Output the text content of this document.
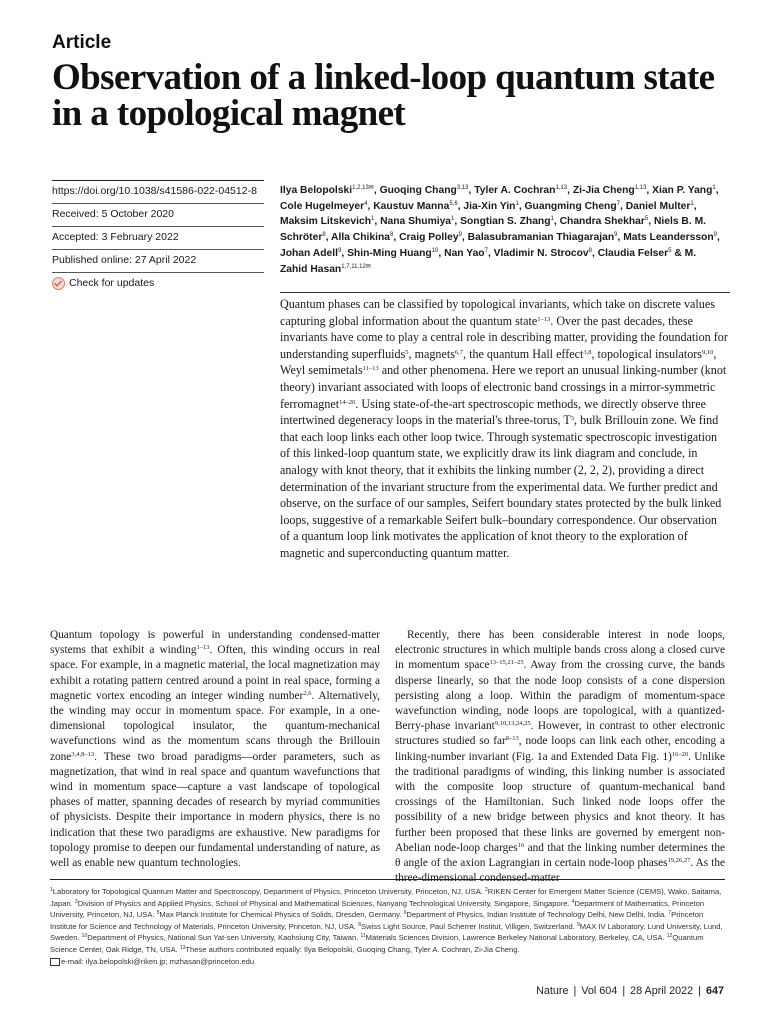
Article
Observation of a linked-loop quantum state in a topological magnet
https://doi.org/10.1038/s41586-022-04512-8
Received: 5 October 2020
Accepted: 3 February 2022
Published online: 27 April 2022
Check for updates
Ilya Belopolski$^{1,2,13✉}$, Guoqing Chang$^{3,13}$, Tyler A. Cochran$^{1,13}$, Zi-Jia Cheng$^{1,13}$, Xian P. Yang$^1$, Cole Hugelmeyer$^4$, Kaustuv Manna$^{5,6}$, Jia-Xin Yin$^1$, Guangming Cheng$^7$, Daniel Multer$^1$, Maksim Litskevich$^1$, Nana Shumiya$^1$, Songtian S. Zhang$^1$, Chandra Shekhar$^5$, Niels B. M. Schröter$^8$, Alla Chikina$^8$, Craig Polley$^9$, Balasubramanian Thiagarajan$^9$, Mats Leandersson$^9$, Johan Adell$^9$, Shin-Ming Huang$^{10}$, Nan Yao$^7$, Vladimir N. Strocov$^8$, Claudia Felser$^5$ & M. Zahid Hasan$^{1,7,11,12✉}$
Quantum phases can be classified by topological invariants, which take on discrete values capturing global information about the quantum state$^{1-13}$. Over the past decades, these invariants have come to play a central role in describing matter, providing the foundation for understanding superfluids$^5$, magnets$^{6,7}$, the quantum Hall effect$^{3,8}$, topological insulators$^{9,10}$, Weyl semimetals$^{11-13}$ and other phenomena. Here we report an unusual linking-number (knot theory) invariant associated with loops of electronic band crossings in a mirror-symmetric ferromagnet$^{14-20}$. Using state-of-the-art spectroscopic methods, we directly observe three intertwined degeneracy loops in the material's three-torus, $T^3$, bulk Brillouin zone. We find that each loop links each other loop twice. Through systematic spectroscopic investigation of this linked-loop quantum state, we explicitly draw its link diagram and conclude, in analogy with knot theory, that it exhibits the linking number (2, 2, 2), providing a direct determination of the invariant structure from the experimental data. We further predict and observe, on the surface of our samples, Seifert boundary states protected by the bulk linked loops, suggestive of a remarkable Seifert bulk–boundary correspondence. Our observation of a quantum loop link motivates the application of knot theory to the exploration of magnetic and superconducting quantum matter.
Quantum topology is powerful in understanding condensed-matter systems that exhibit a winding$^{1-13}$. Often, this winding occurs in real space. For example, in a magnetic material, the local magnetization may exhibit a rotating pattern centred around a point in real space, forming a magnetic vortex encoding an integer winding number$^{2,6}$. Alternatively, the winding may occur in momentum space. For example, in a one-dimensional topological insulator, the quantum-mechanical wavefunctions wind as the momentum scans through the Brillouin zone$^{3,4,8-13}$. These two broad paradigms—order parameters, such as magnetization, that wind in real space and quantum wavefunctions that wind in momentum space—capture a vast landscape of topological phases of matter, spanning decades of research by myriad communities of physicists. Despite their importance in modern physics, there is no indication that these two paradigms are exhaustive. New paradigms for topology promise to deepen our fundamental understanding of nature, as well as enable new quantum technologies.
Recently, there has been considerable interest in node loops, electronic structures in which multiple bands cross along a closed curve in momentum space$^{13-15,21-25}$. Away from the crossing curve, the bands disperse linearly, so that the node loop consists of a cone dispersion persisting along a loop. Within the paradigm of momentum-space wavefunction winding, node loops are topological, with a quantized-Berry-phase invariant$^{9,10,13,24,25}$. However, in contrast to other electronic structures studied so far$^{8-13}$, node loops can link each other, encoding a linking-number invariant (Fig. 1a and Extended Data Fig. 1)$^{16-20}$. Unlike the traditional paradigms of winding, this linking number is associated with the composite loop structure of quantum-mechanical band crossings of the Hamiltonian. Such linked node loops offer the possibility of a new bridge between physics and knot theory. It has further been proposed that these links are governed by emergent non-Abelian node-loop charges$^{16}$ and that the linking number determines the θ angle of the axion Lagrangian in certain node-loop phases$^{19,26,27}$. As the three-dimensional condensed-matter
$^1$Laboratory for Topological Quantum Matter and Spectroscopy, Department of Physics, Princeton University, Princeton, NJ, USA. $^2$RIKEN Center for Emergent Matter Science (CEMS), Wako, Saitama, Japan. $^3$Division of Physics and Applied Physics, School of Physical and Mathematical Sciences, Nanyang Technological University, Singapore, Singapore. $^4$Department of Mathematics, Princeton University, Princeton, NJ, USA. $^5$Max Planck Institute for Chemical Physics of Solids, Dresden, Germany. $^6$Department of Physics, Indian Institute of Technology Delhi, New Delhi, India. $^7$Princeton Institute for Science and Technology of Materials, Princeton University, Princeton, NJ, USA. $^8$Swiss Light Source, Paul Scherrer Institut, Villigen, Switzerland. $^9$MAX IV Laboratory, Lund University, Lund, Sweden. $^{10}$Department of Physics, National Sun Yat-sen University, Kaohsiung City, Taiwan. $^{11}$Materials Sciences Division, Lawrence Berkeley National Laboratory, Berkeley, CA, USA. $^{12}$Quantum Science Center, Oak Ridge, TN, USA. $^{13}$These authors contributed equally: Ilya Belopolski, Guoqing Chang, Tyler A. Cochran, Zi-Jia Cheng.
e-mail: ilya.belopolski@riken.jp; mzhasan@princeton.edu
Nature | Vol 604 | 28 April 2022 | 647
